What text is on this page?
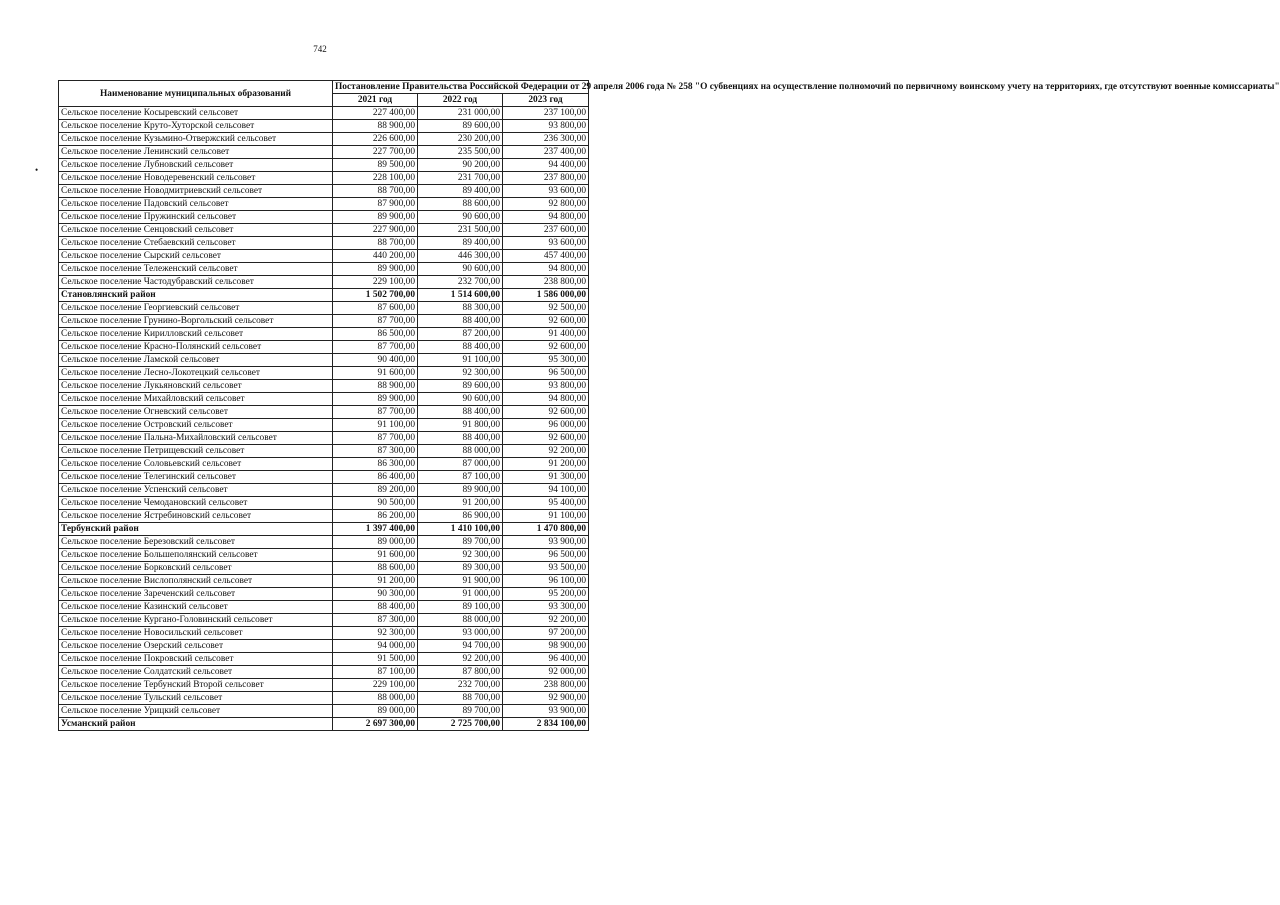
742
•
Наименование муниципальных образований	Постановление Правительства Российской Федерации от 29 апреля 2006 года № 258 "О субвенциях на осуществление полномочий по первичному воинскому учету на территориях, где отсутствуют военные комиссариаты"		
	2021 год	2022 год	2023 год
Сельское поселение Косыревский сельсовет	227 400,00	231 000,00	237 100,00
Сельское поселение Круто-Хуторской сельсовет	88 900,00	89 600,00	93 800,00
Сельское поселение Кузьмино-Отвержский сельсовет	226 600,00	230 200,00	236 300,00
Сельское поселение Ленинский сельсовет	227 700,00	235 500,00	237 400,00
Сельское поселение Лубновский сельсовет	89 500,00	90 200,00	94 400,00
Сельское поселение Новодеревенский сельсовет	228 100,00	231 700,00	237 800,00
Сельское поселение Новодмитриевский сельсовет	88 700,00	89 400,00	93 600,00
Сельское поселение Падовский сельсовет	87 900,00	88 600,00	92 800,00
Сельское поселение Пружинский сельсовет	89 900,00	90 600,00	94 800,00
Сельское поселение Сенцовский сельсовет	227 900,00	231 500,00	237 600,00
Сельское поселение Стебаевский сельсовет	88 700,00	89 400,00	93 600,00
Сельское поселение Сырский сельсовет	440 200,00	446 300,00	457 400,00
Сельское поселение Тележенский сельсовет	89 900,00	90 600,00	94 800,00
Сельское поселение Частодубравский сельсовет	229 100,00	232 700,00	238 800,00
Становлянский район	1 502 700,00	1 514 600,00	1 586 000,00
Сельское поселение Георгиевский сельсовет	87 600,00	88 300,00	92 500,00
Сельское поселение Грунино-Воргольский сельсовет	87 700,00	88 400,00	92 600,00
Сельское поселение Кирилловский сельсовет	86 500,00	87 200,00	91 400,00
Сельское поселение Красно-Полянский сельсовет	87 700,00	88 400,00	92 600,00
Сельское поселение Ламской сельсовет	90 400,00	91 100,00	95 300,00
Сельское поселение Лесно-Локотецкий сельсовет	91 600,00	92 300,00	96 500,00
Сельское поселение Лукьяновский сельсовет	88 900,00	89 600,00	93 800,00
Сельское поселение Михайловский сельсовет	89 900,00	90 600,00	94 800,00
Сельское поселение Огневский сельсовет	87 700,00	88 400,00	92 600,00
Сельское поселение Островский сельсовет	91 100,00	91 800,00	96 000,00
Сельское поселение Пальна-Михайловский сельсовет	87 700,00	88 400,00	92 600,00
Сельское поселение Петрищевский сельсовет	87 300,00	88 000,00	92 200,00
Сельское поселение Соловьевский сельсовет	86 300,00	87 000,00	91 200,00
Сельское поселение Телегинский сельсовет	86 400,00	87 100,00	91 300,00
Сельское поселение Успенский сельсовет	89 200,00	89 900,00	94 100,00
Сельское поселение Чемодановский сельсовет	90 500,00	91 200,00	95 400,00
Сельское поселение Ястребиновский сельсовет	86 200,00	86 900,00	91 100,00
Тербунский район	1 397 400,00	1 410 100,00	1 470 800,00
Сельское поселение Березовский сельсовет	89 000,00	89 700,00	93 900,00
Сельское поселение Большеполянский сельсовет	91 600,00	92 300,00	96 500,00
Сельское поселение Борковский сельсовет	88 600,00	89 300,00	93 500,00
Сельское поселение Вислополянский сельсовет	91 200,00	91 900,00	96 100,00
Сельское поселение Зареченский сельсовет	90 300,00	91 000,00	95 200,00
Сельское поселение Казинский сельсовет	88 400,00	89 100,00	93 300,00
Сельское поселение Кургано-Головинский сельсовет	87 300,00	88 000,00	92 200,00
Сельское поселение Новосильский сельсовет	92 300,00	93 000,00	97 200,00
Сельское поселение Озерский сельсовет	94 000,00	94 700,00	98 900,00
Сельское поселение Покровский сельсовет	91 500,00	92 200,00	96 400,00
Сельское поселение Солдатский сельсовет	87 100,00	87 800,00	92 000,00
Сельское поселение Тербунский Второй сельсовет	229 100,00	232 700,00	238 800,00
Сельское поселение Тульский сельсовет	88 000,00	88 700,00	92 900,00
Сельское поселение Урицкий сельсовет	89 000,00	89 700,00	93 900,00
Усманский район	2 697 300,00	2 725 700,00	2 834 100,00
